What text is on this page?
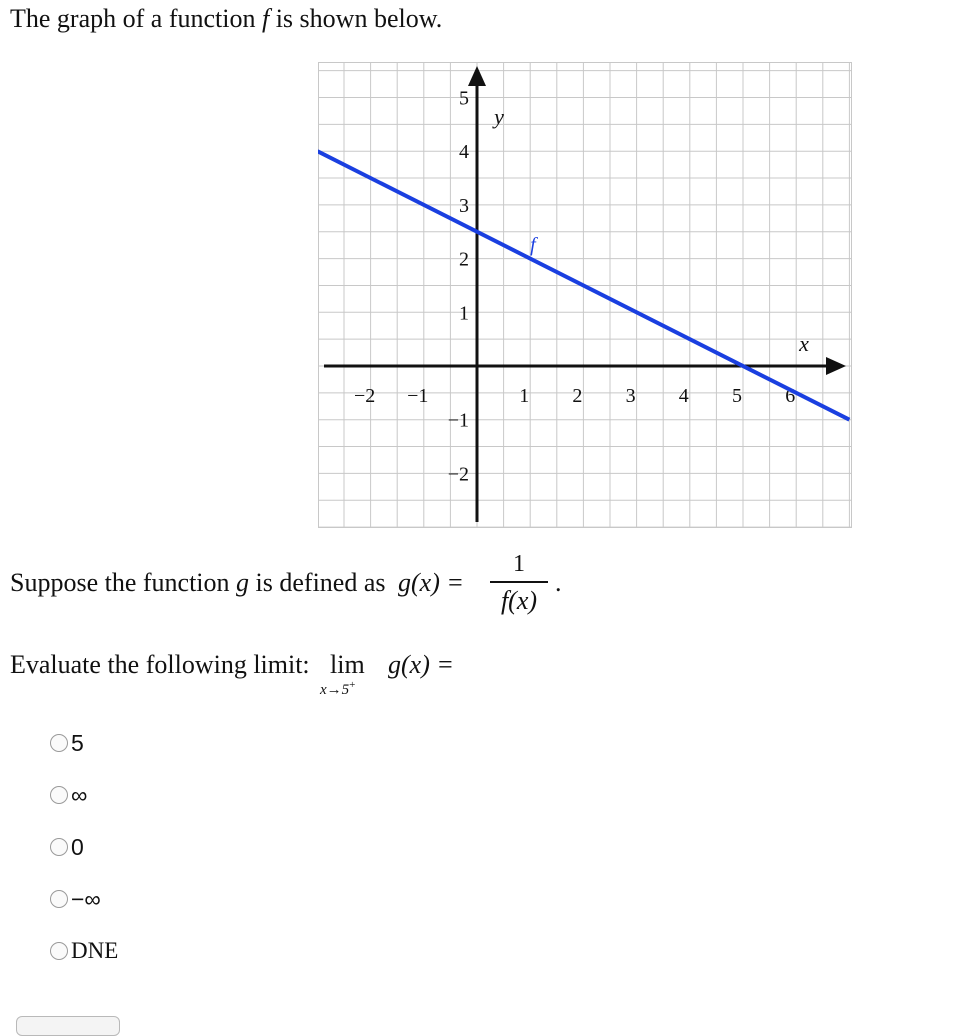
The graph of a function f is shown below.
−2 −1	1 2 3 4 5 6
5
4
3
2
1
−1
−2
x
y
f
Suppose the function g is defined as g(x) =
1
f(x)
.
Evaluate the following limit: lim
x→5+
g(x) =
5
∞
0
−∞
DNE
